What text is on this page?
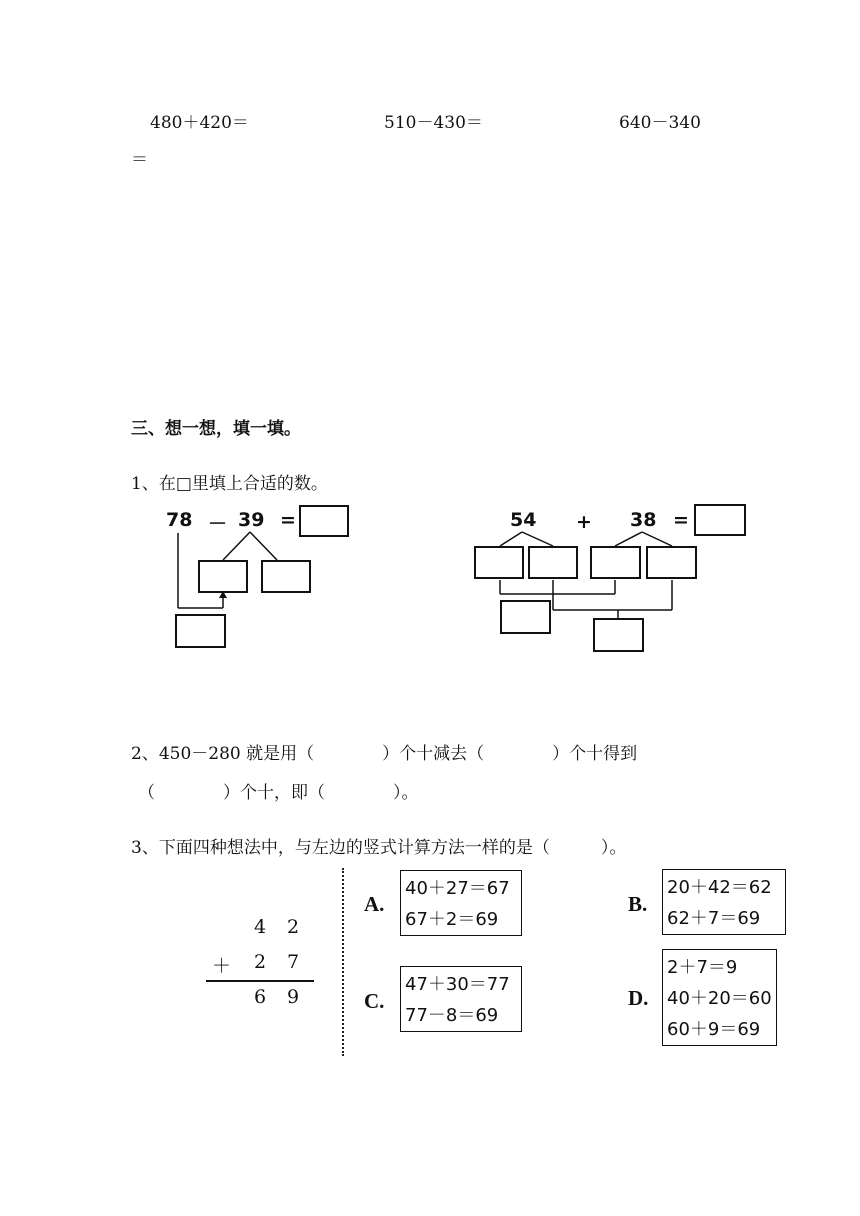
480＋420＝	510－430＝	640－340
＝
三、想一想，填一填。
1、在□里填上合适的数。
78 － 39 =	54 + 38 =
2、450－280 就是用（　　　　）个十减去（　　　　）个十得到
（　　　　）个十，即（　　　　）。
3、下面四种想法中，与左边的竖式计算方法一样的是（　　　）。
4 2
＋ 2 7
6 9
A.
40＋27＝67
67＋2＝69
B.
20＋42＝62
62＋7＝69
C.
47＋30＝77
77－8＝69
D.
2＋7＝9
40＋20＝60
60＋9＝69
